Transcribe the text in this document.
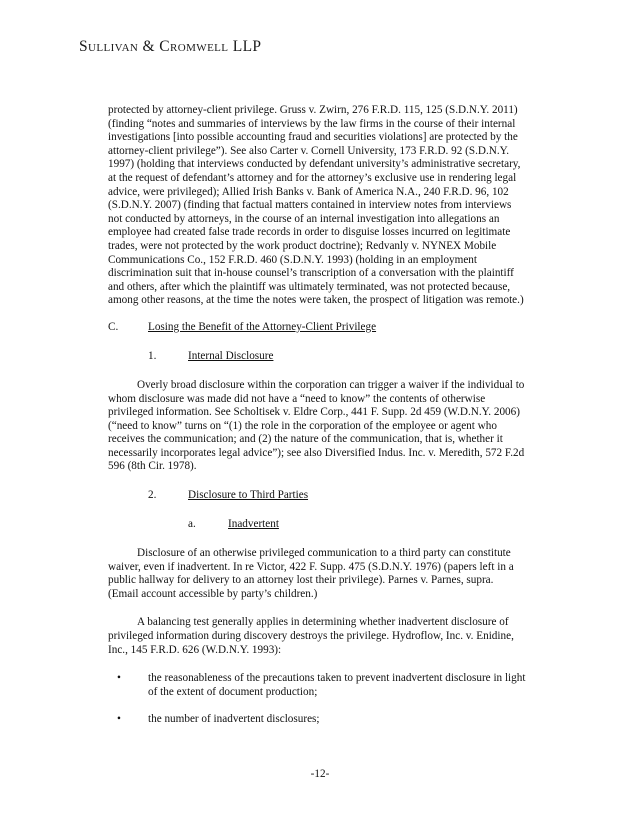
Sullivan & Cromwell LLP

protected by attorney-client privilege. Gruss v. Zwirn, 276 F.R.D. 115, 125 (S.D.N.Y. 2011) (finding “notes and summaries of interviews by the law firms in the course of their internal investigations [into possible accounting fraud and securities violations] are protected by the attorney-client privilege”). See also Carter v. Cornell University, 173 F.R.D. 92 (S.D.N.Y. 1997) (holding that interviews conducted by defendant university’s administrative secretary, at the request of defendant’s attorney and for the attorney’s exclusive use in rendering legal advice, were privileged); Allied Irish Banks v. Bank of America N.A., 240 F.R.D. 96, 102 (S.D.N.Y. 2007) (finding that factual matters contained in interview notes from interviews not conducted by attorneys, in the course of an internal investigation into allegations an employee had created false trade records in order to disguise losses incurred on legitimate trades, were not protected by the work product doctrine); Redvanly v. NYNEX Mobile Communications Co., 152 F.R.D. 460 (S.D.N.Y. 1993) (holding in an employment discrimination suit that in-house counsel’s transcription of a conversation with the plaintiff and others, after which the plaintiff was ultimately terminated, was not protected because, among other reasons, at the time the notes were taken, the prospect of litigation was remote.)

C.	Losing the Benefit of the Attorney-Client Privilege
1.	Internal Disclosure

Overly broad disclosure within the corporation can trigger a waiver if the individual to whom disclosure was made did not have a “need to know” the contents of otherwise privileged information. See Scholtisek v. Eldre Corp., 441 F. Supp. 2d 459 (W.D.N.Y. 2006) (“need to know” turns on “(1) the role in the corporation of the employee or agent who receives the communication; and (2) the nature of the communication, that is, whether it necessarily incorporates legal advice”); see also Diversified Indus. Inc. v. Meredith, 572 F.2d 596 (8th Cir. 1978).

2.	Disclosure to Third Parties
a.	Inadvertent

Disclosure of an otherwise privileged communication to a third party can constitute waiver, even if inadvertent. In re Victor, 422 F. Supp. 475 (S.D.N.Y. 1976) (papers left in a public hallway for delivery to an attorney lost their privilege). Parnes v. Parnes, supra. (Email account accessible by party’s children.)

A balancing test generally applies in determining whether inadvertent disclosure of privileged information during discovery destroys the privilege. Hydroflow, Inc. v. Enidine, Inc., 145 F.R.D. 626 (W.D.N.Y. 1993):

• the reasonableness of the precautions taken to prevent inadvertent disclosure in light of the extent of document production;
• the number of inadvertent disclosures;
-12-
